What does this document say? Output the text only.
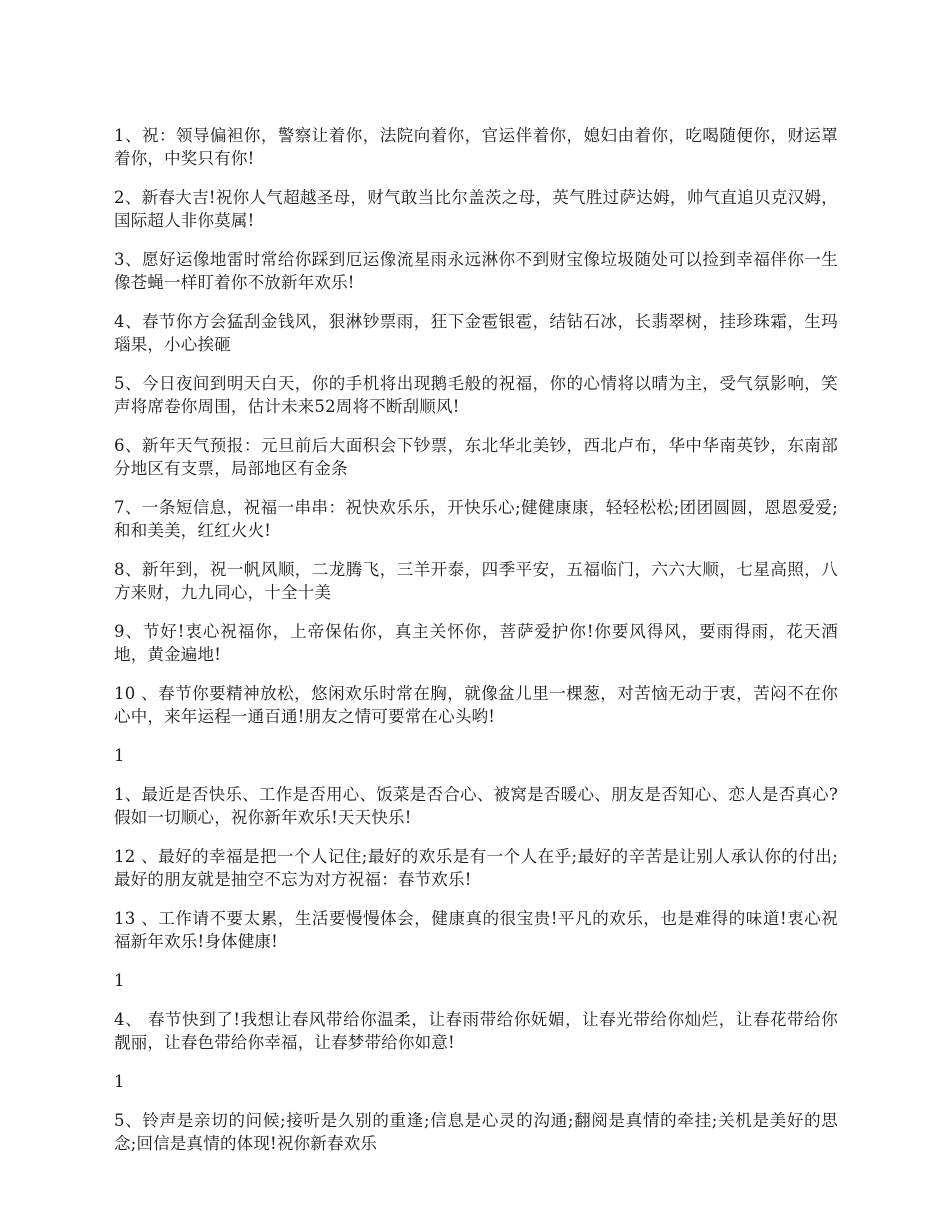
1、祝：领导偏袒你，警察让着你，法院向着你，官运伴着你，媳妇由着你，吃喝随便你，财运罩着你，中奖只有你!

2、新春大吉!祝你人气超越圣母，财气敢当比尔盖茨之母，英气胜过萨达姆，帅气直追贝克汉姆，国际超人非你莫属!

3、愿好运像地雷时常给你踩到厄运像流星雨永远淋你不到财宝像垃圾随处可以捡到幸福伴你一生像苍蝇一样盯着你不放新年欢乐!

4、春节你方会猛刮金钱风，狠淋钞票雨，狂下金雹银雹，结钻石冰，长翡翠树，挂珍珠霜，生玛瑙果，小心挨砸

5、今日夜间到明天白天，你的手机将出现鹅毛般的祝福，你的心情将以晴为主，受气氛影响，笑声将席卷你周围，估计未来52周将不断刮顺风!

6、新年天气预报：元旦前后大面积会下钞票，东北华北美钞，西北卢布，华中华南英钞，东南部分地区有支票，局部地区有金条

7、一条短信息，祝福一串串：祝快欢乐乐，开快乐心;健健康康，轻轻松松;团团圆圆，恩恩爱爱;和和美美，红红火火!

8、新年到，祝一帆风顺，二龙腾飞，三羊开泰，四季平安，五福临门，六六大顺，七星高照，八方来财，九九同心，十全十美

9、节好!衷心祝福你，上帝保佑你，真主关怀你，菩萨爱护你!你要风得风，要雨得雨，花天酒地，黄金遍地!

10 、春节你要精神放松，悠闲欢乐时常在胸，就像盆儿里一棵葱，对苦恼无动于衷，苦闷不在你心中，来年运程一通百通!朋友之情可要常在心头哟!

1

1、最近是否快乐、工作是否用心、饭菜是否合心、被窝是否暖心、朋友是否知心、恋人是否真心?假如一切顺心，祝你新年欢乐!天天快乐!

12 、最好的幸福是把一个人记住;最好的欢乐是有一个人在乎;最好的辛苦是让别人承认你的付出;最好的朋友就是抽空不忘为对方祝福：春节欢乐!

13 、工作请不要太累，生活要慢慢体会，健康真的很宝贵!平凡的欢乐，也是难得的味道!衷心祝福新年欢乐!身体健康!

1

4、 春节快到了!我想让春风带给你温柔，让春雨带给你妩媚，让春光带给你灿烂，让春花带给你靓丽，让春色带给你幸福，让春梦带给你如意!

1

5、铃声是亲切的问候;接听是久别的重逢;信息是心灵的沟通;翻阅是真情的牵挂;关机是美好的思念;回信是真情的体现!祝你新春欢乐
